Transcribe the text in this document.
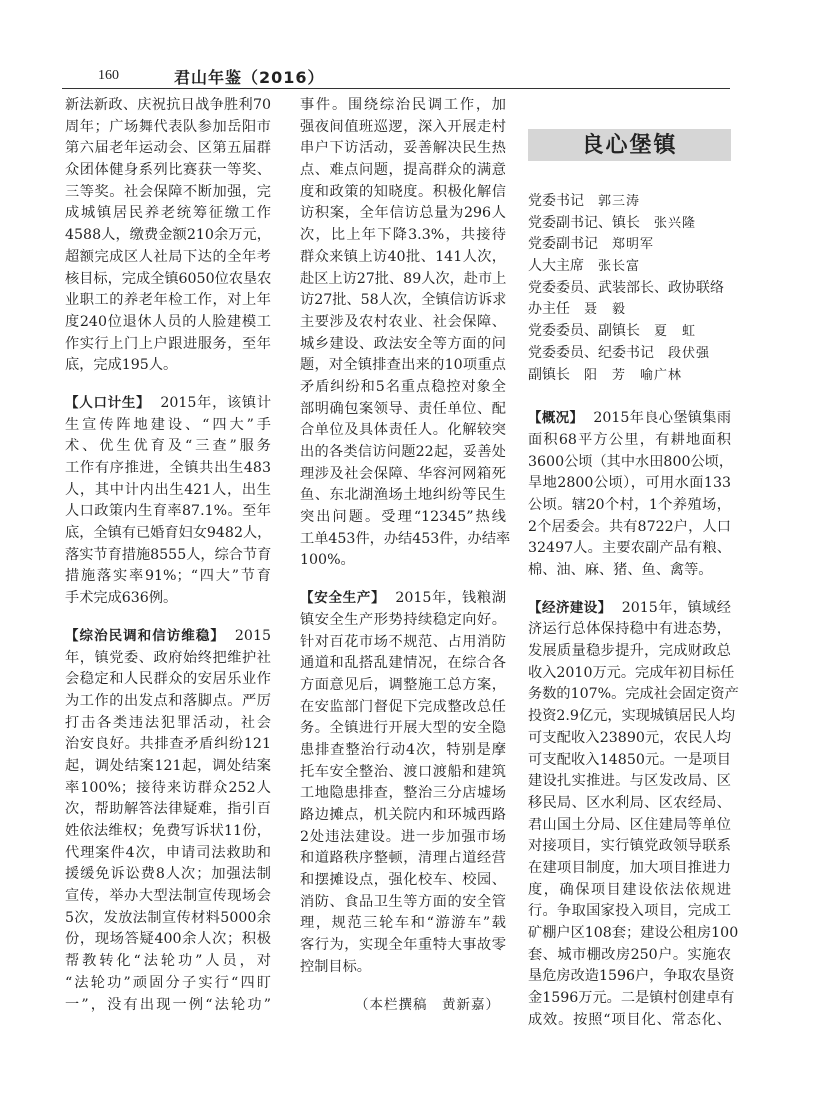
160	君山年鉴（2016）
新法新政、庆祝抗日战争胜利70
周年；广场舞代表队参加岳阳市
第六届老年运动会、区第五届群
众团体健身系列比赛获一等奖、
三等奖。社会保障不断加强，完
成城镇居民养老统筹征缴工作
4588人，缴费金额210余万元，
超额完成区人社局下达的全年考
核目标，完成全镇6050位农垦农
业职工的养老年检工作，对上年
度240位退休人员的人脸建模工
作实行上门上户跟进服务，至年
底，完成195人。
【人口计生】 2015年，该镇计
生宣传阵地建设、“四大”手
术、优生优育及“三查”服务
工作有序推进，全镇共出生483
人，其中计内出生421人，出生
人口政策内生育率87.1%。至年
底，全镇有已婚育妇女9482人，
落实节育措施8555人，综合节育
措施落实率91%；“四大”节育
手术完成636例。
【综治民调和信访维稳】 2015
年，镇党委、政府始终把维护社
会稳定和人民群众的安居乐业作
为工作的出发点和落脚点。严厉
打击各类违法犯罪活动，社会
治安良好。共排查矛盾纠纷121
起，调处结案121起，调处结案
率100%；接待来访群众252人
次，帮助解答法律疑难，指引百
姓依法维权；免费写诉状11份，
代理案件4次，申请司法救助和
援缓免诉讼费8人次；加强法制
宣传，举办大型法制宣传现场会
5次，发放法制宣传材料5000余
份，现场答疑400余人次；积极
帮教转化“法轮功”人员，对
“法轮功”顽固分子实行“四盯
一”，没有出现一例“法轮功”
事件。围绕综治民调工作，加
强夜间值班巡逻，深入开展走村
串户下访活动，妥善解决民生热
点、难点问题，提高群众的满意
度和政策的知晓度。积极化解信
访积案，全年信访总量为296人
次，比上年下降3.3%，共接待
群众来镇上访40批、141人次，
赴区上访27批、89人次，赴市上
访27批、58人次，全镇信访诉求
主要涉及农村农业、社会保障、
城乡建设、政法安全等方面的问
题，对全镇排查出来的10项重点
矛盾纠纷和5名重点稳控对象全
部明确包案领导、责任单位、配
合单位及具体责任人。化解较突
出的各类信访问题22起，妥善处
理涉及社会保障、华容河网箱死
鱼、东北湖渔场土地纠纷等民生
突出问题。受理“12345”热线
工单453件，办结453件，办结率
100%。
【安全生产】 2015年，钱粮湖
镇安全生产形势持续稳定向好。
针对百花市场不规范、占用消防
通道和乱搭乱建情况，在综合各
方面意见后，调整施工总方案，
在安监部门督促下完成整改总任
务。全镇进行开展大型的安全隐
患排查整治行动4次，特别是摩
托车安全整治、渡口渡船和建筑
工地隐患排查，整治三分店墟场
路边摊点，机关院内和环城西路
2处违法建设。进一步加强市场
和道路秩序整顿，清理占道经营
和摆摊设点，强化校车、校园、
消防、食品卫生等方面的安全管
理，规范三轮车和“游游车”载
客行为，实现全年重特大事故零
控制目标。
（本栏撰稿　黄新嘉）
良心堡镇
党委书记 郭三涛
党委副书记、镇长 张兴隆
党委副书记 郑明军
人大主席 张长富
党委委员、武装部长、政协联络
办主任 聂　毅
党委委员、副镇长 夏　虹
党委委员、纪委书记 段伏强
副镇长 阳　芳　喻广林
【概况】 2015年良心堡镇集雨
面积68平方公里，有耕地面积
3600公顷（其中水田800公顷，
旱地2800公顷），可用水面133
公顷。辖20个村，1个养殖场，
2个居委会。共有8722户，人口
32497人。主要农副产品有粮、
棉、油、麻、猪、鱼、禽等。
【经济建设】 2015年，镇域经
济运行总体保持稳中有进态势，
发展质量稳步提升，完成财政总
收入2010万元。完成年初目标任
务数的107%。完成社会固定资产
投资2.9亿元，实现城镇居民人均
可支配收入23890元，农民人均
可支配收入14850元。一是项目
建设扎实推进。与区发改局、区
移民局、区水利局、区农经局、
君山国土分局、区住建局等单位
对接项目，实行镇党政领导联系
在建项目制度，加大项目推进力
度，确保项目建设依法依规进
行。争取国家投入项目，完成工
矿棚户区108套；建设公租房100
套、城市棚改房250户。实施农
垦危房改造1596户，争取农垦资
金1596万元。二是镇村创建卓有
成效。按照“项目化、常态化、
